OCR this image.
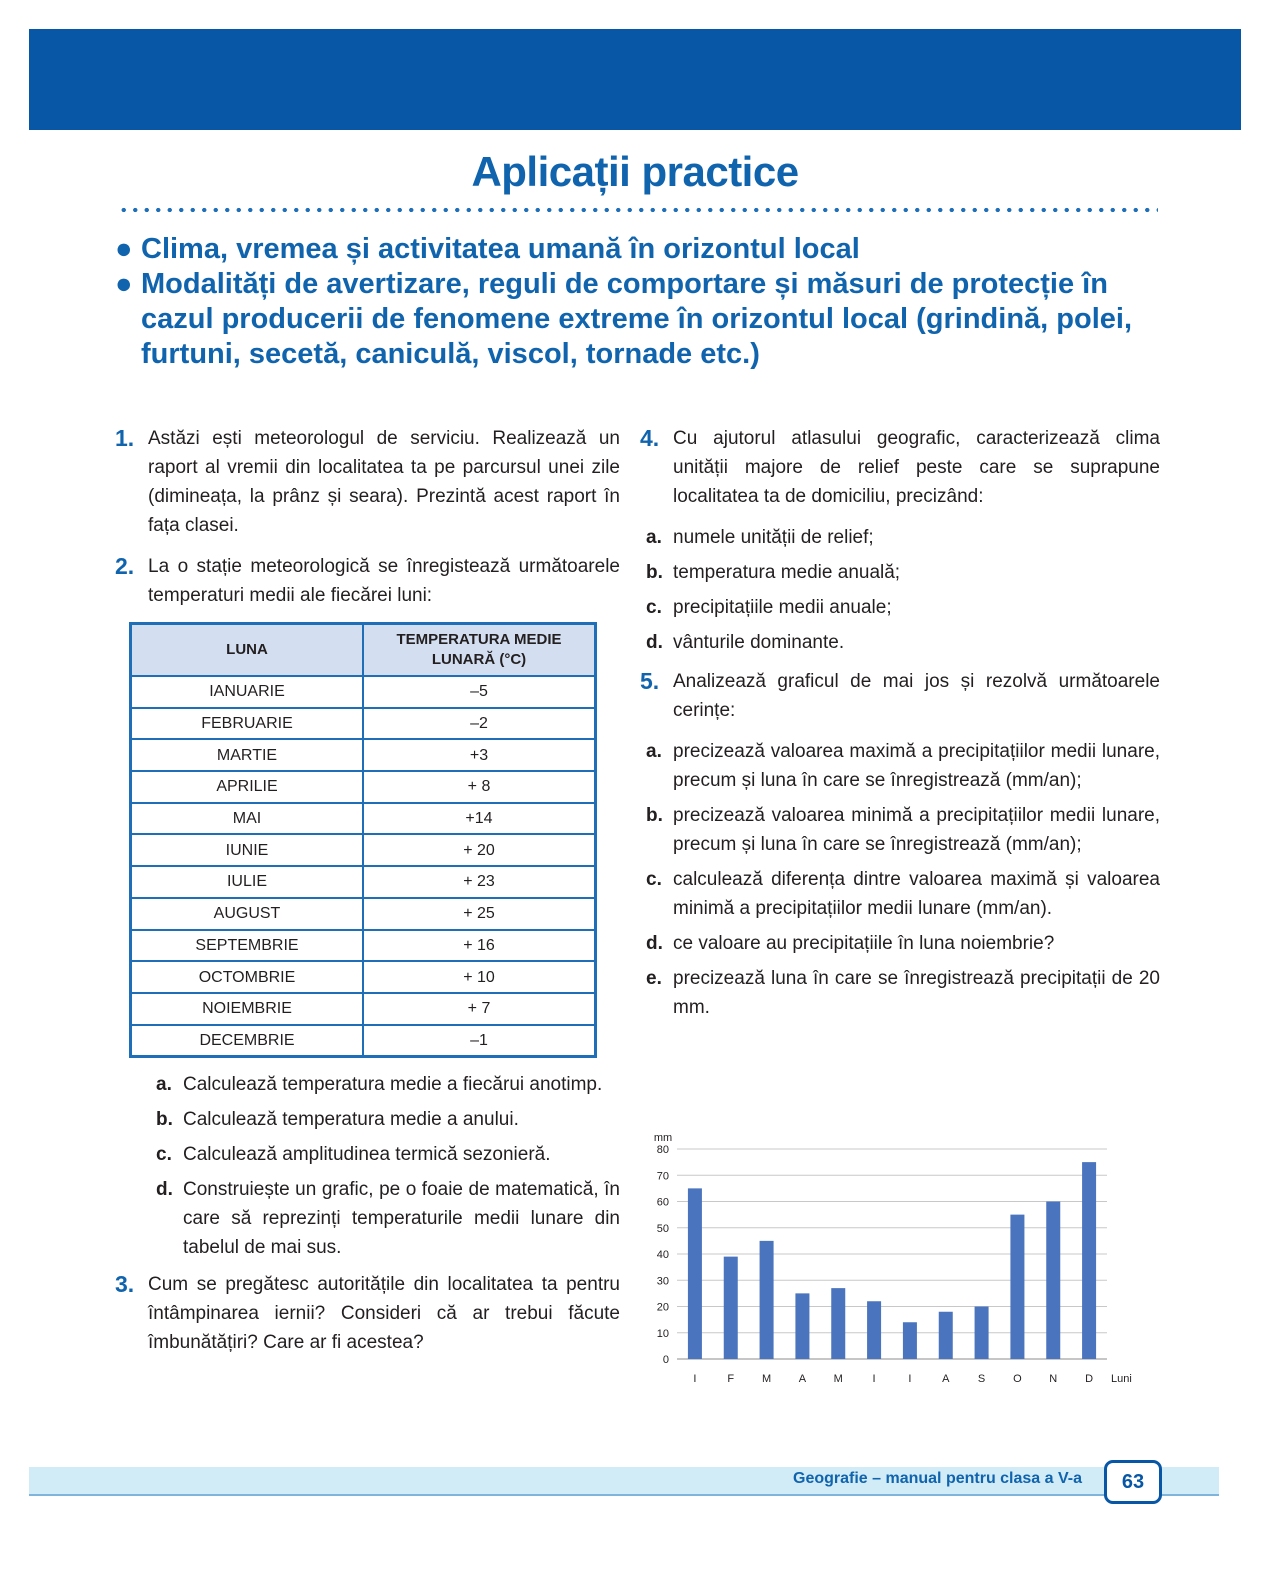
Aplicații practice

● Clima, vremea și activitatea umană în orizontul local

● Modalități de avertizare, reguli de comportare și măsuri de protecție în cazul producerii de fenomene extreme în orizontul local (grindină, polei, furtuni, secetă, caniculă, viscol, tornade etc.)

1. Astăzi ești meteorologul de serviciu. Realizează un raport al vremii din localitatea ta pe parcursul unei zile (dimineața, la prânz și seara). Prezintă acest raport în fața clasei.
2. La o stație meteorologică se înregistează următoarele temperaturi medii ale fiecărei luni:
LUNA	TEMPERATURA MEDIE LUNARĂ (°C)
IANUARIE	–5
FEBRUARIE	–2
MARTIE	+3
APRILIE	+ 8
MAI	+14
IUNIE	+ 20
IULIE	+ 23
AUGUST	+ 25
SEPTEMBRIE	+ 16
OCTOMBRIE	+ 10
NOIEMBRIE	+ 7
DECEMBRIE	–1

a. Calculează temperatura medie a fiecărui anotimp.

b. Calculează temperatura medie a anului.

c. Calculează amplitudinea termică sezonieră.

d. Construiește un grafic, pe o foaie de matematică, în care să reprezinți temperaturile medii lunare din tabelul de mai sus.

3. Cum se pregătesc autoritățile din localitatea ta pentru întâmpinarea iernii? Consideri că ar trebui făcute îmbunătățiri? Care ar fi acestea?
4. Cu ajutorul atlasului geografic, caracterizează clima unității majore de relief peste care se suprapune localitatea ta de domiciliu, precizând:

a. numele unității de relief;

b. temperatura medie anuală;

c. precipitațiile medii anuale;

d. vânturile dominante.

5. Analizează graficul de mai jos și rezolvă următoarele cerințe:

a. precizează valoarea maximă a precipitațiilor medii lunare, precum și luna în care se înregistrează (mm/an);

b. precizează valoarea minimă a precipitațiilor medii lunare, precum și luna în care se înregistrează (mm/an);

c. calculează diferența dintre valoarea maximă și valoarea minimă a precipitațiilor medii lunare (mm/an).

d. ce valoare au precipitațiile în luna noiembrie?

e. precizează luna în care se înregistrează precipitații de 20 mm.

0
10
20
30
40
50
60
70
80
mm
I	F	M	A	M	I	I	A	S	O	N	D Luni
Geografie – manual pentru clasa a V-a	63
